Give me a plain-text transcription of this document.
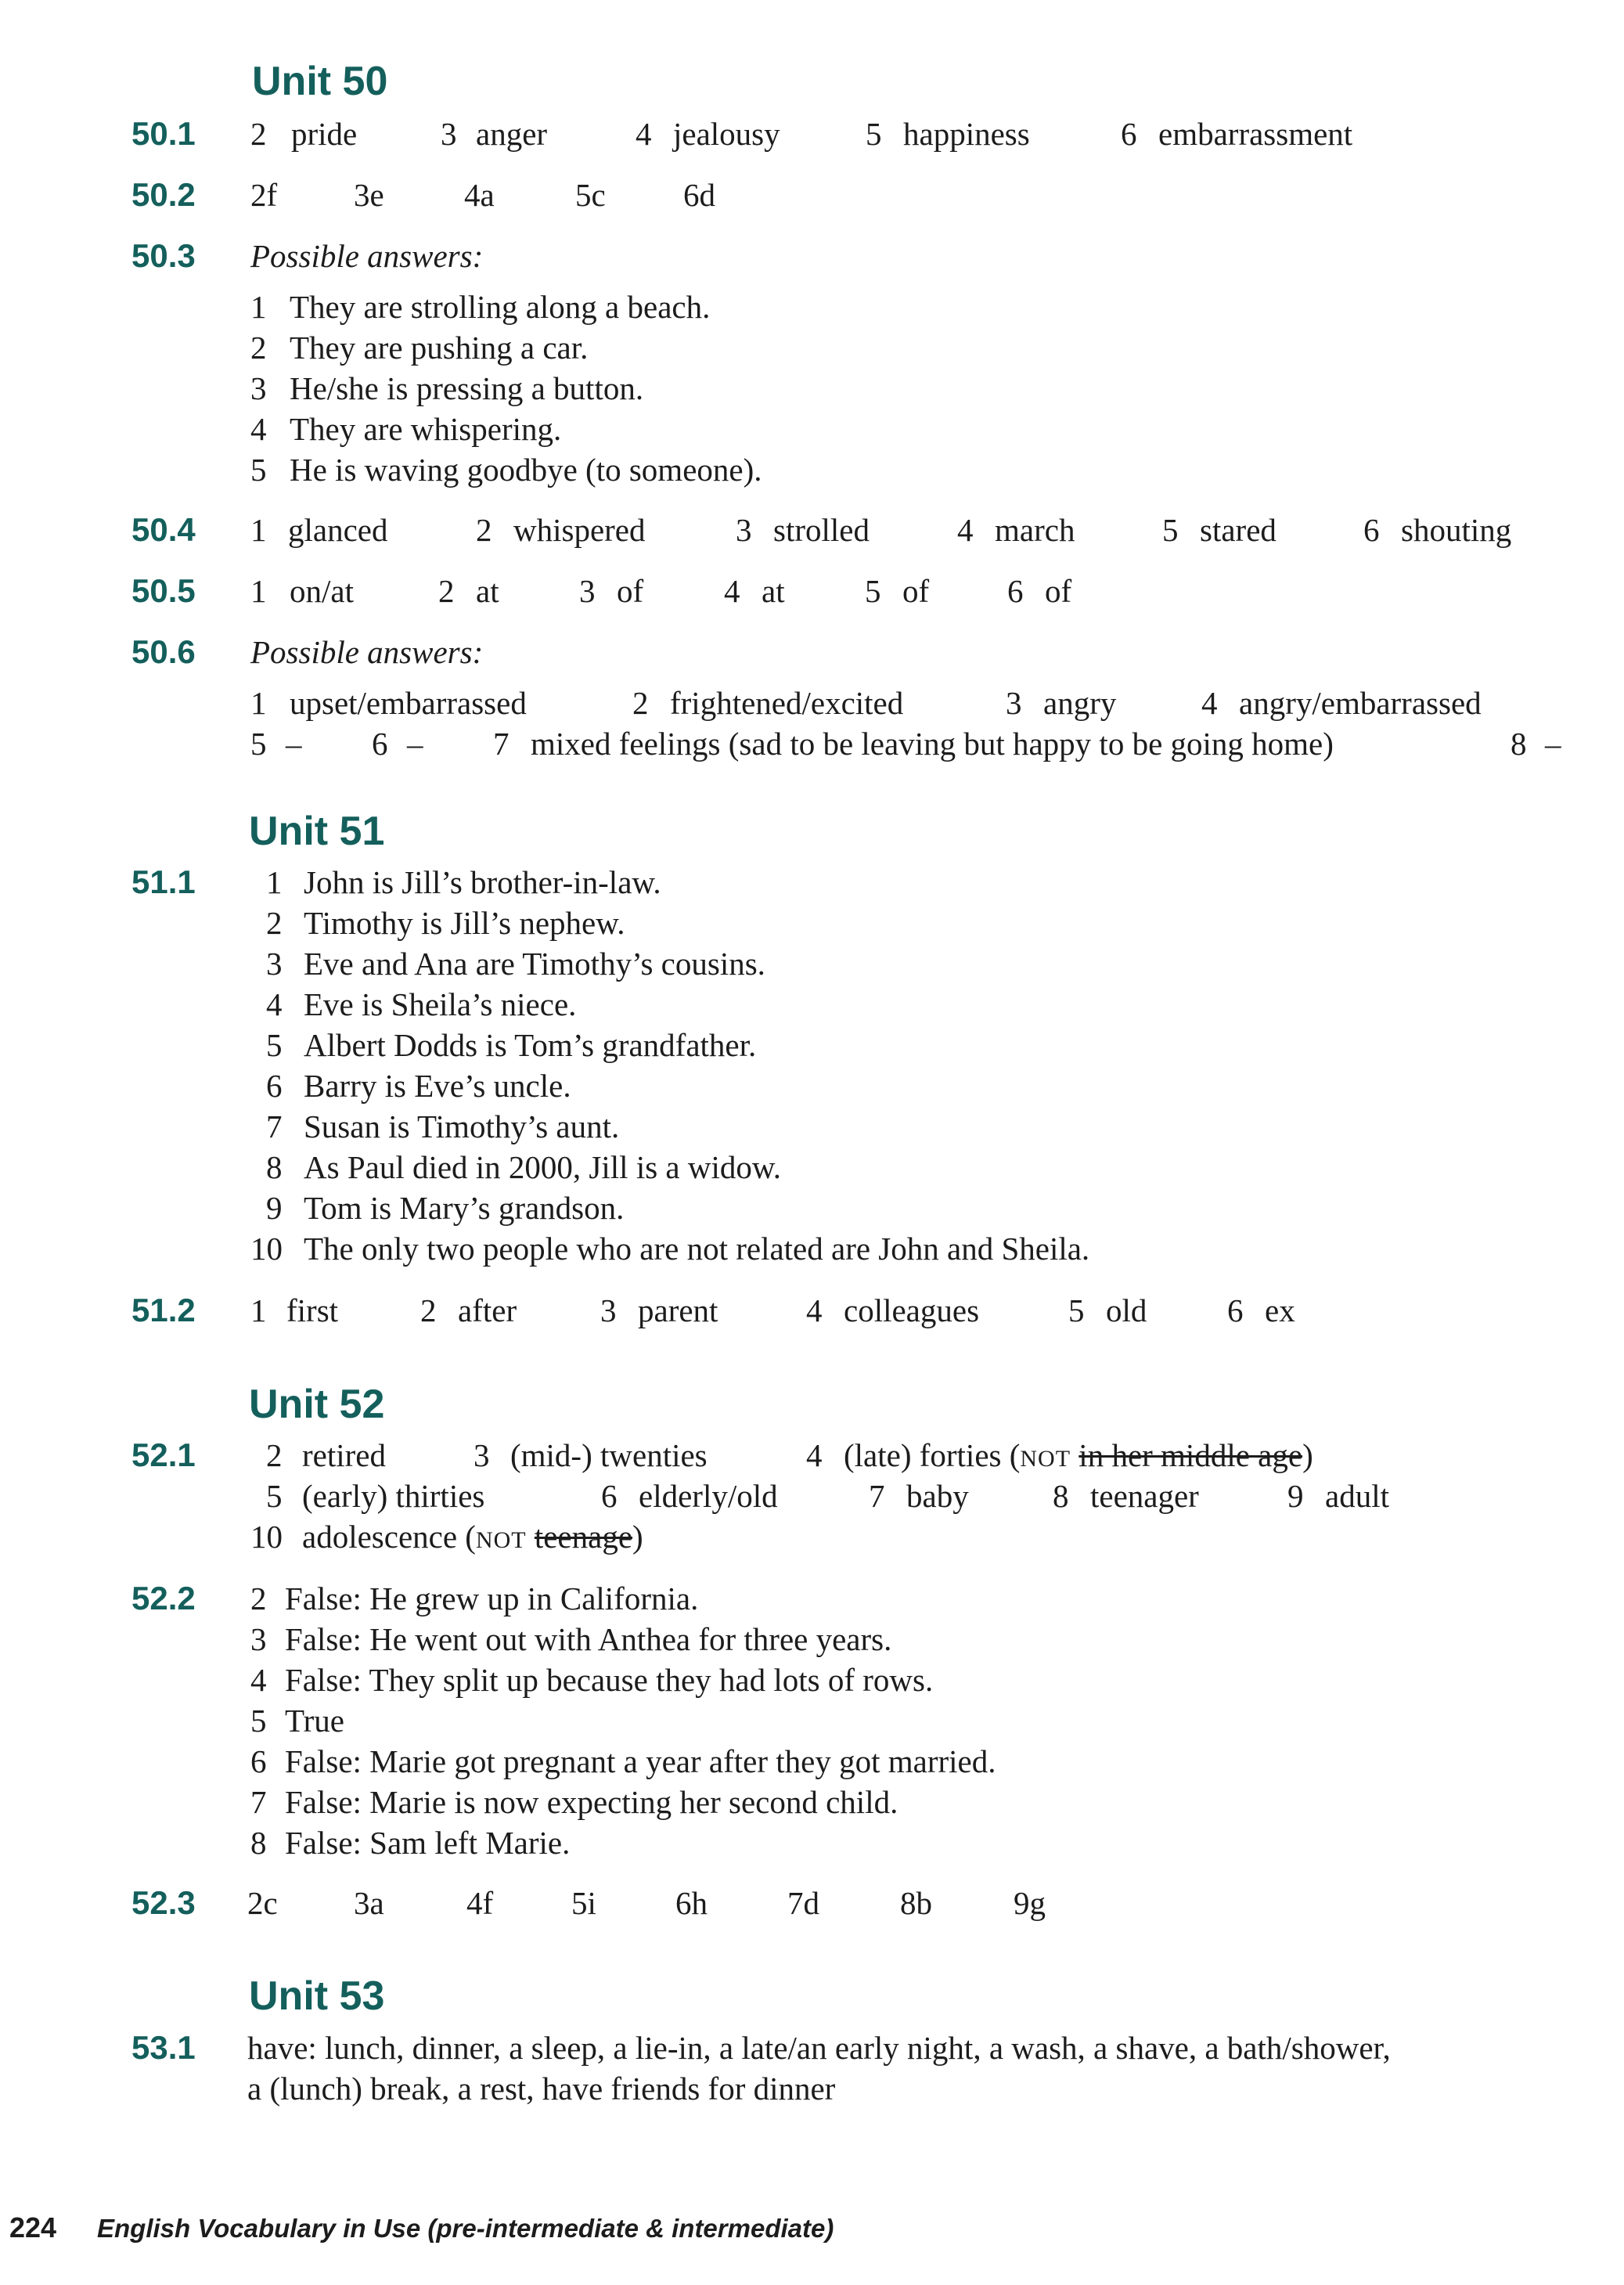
Unit 50
50.1 2 pride	3 anger	4 jealousy	5 happiness	6 embarrassment
50.2 2f 3e 4a	5c 6d
50.3 Possible answers:
1 They are strolling along a beach.
2 They are pushing a car.
3 He/she is pressing a button.
4 They are whispering.
5 He is waving goodbye (to someone).
50.4 1 glanced	2 whispered	3 strolled	4 march	5 stared	6 shouting
50.5 1 on/at	2 at 3 of	4 at 5 of 6 of
50.6 Possible answers:
1 upset/embarrassed	2 frightened/excited	3 angry	4 angry/embarrassed
5 – 6 – 7 mixed feelings (sad to be leaving but happy to be going home)	8 –
Unit 51
51.1 1 John is Jill’s brother-in-law.
2 Timothy is Jill’s nephew.
3 Eve and Ana are Timothy’s cousins.
4 Eve is Sheila’s niece.
5 Albert Dodds is Tom’s grandfather.
6 Barry is Eve’s uncle.
7 Susan is Timothy’s aunt.
8 As Paul died in 2000, Jill is a widow.
9 Tom is Mary’s grandson.
10 The only two people who are not related are John and Sheila.
51.2 1 first	2 after	3 parent	4 colleagues	5 old	6 ex
Unit 52
52.1 2 retired	3 (mid-) twenties	4 (late) forties (NOT in her middle age)
5 (early) thirties	6 elderly/old	7 baby	8 teenager	9 adult
10 adolescence (NOT teenage)
52.2 2 False: He grew up in California.
3 False: He went out with Anthea for three years.
4 False: They split up because they had lots of rows.
5 True
6 False: Marie got pregnant a year after they got married.
7 False: Marie is now expecting her second child.
8 False: Sam left Marie.
52.3 2c 3a	4f 5i 6h 7d	8b	9g
Unit 53
53.1 have: lunch, dinner, a sleep, a lie-in, a late/an early night, a wash, a shave, a bath/shower,
a (lunch) break, a rest, have friends for dinner
224 English Vocabulary in Use (pre-intermediate & intermediate)
